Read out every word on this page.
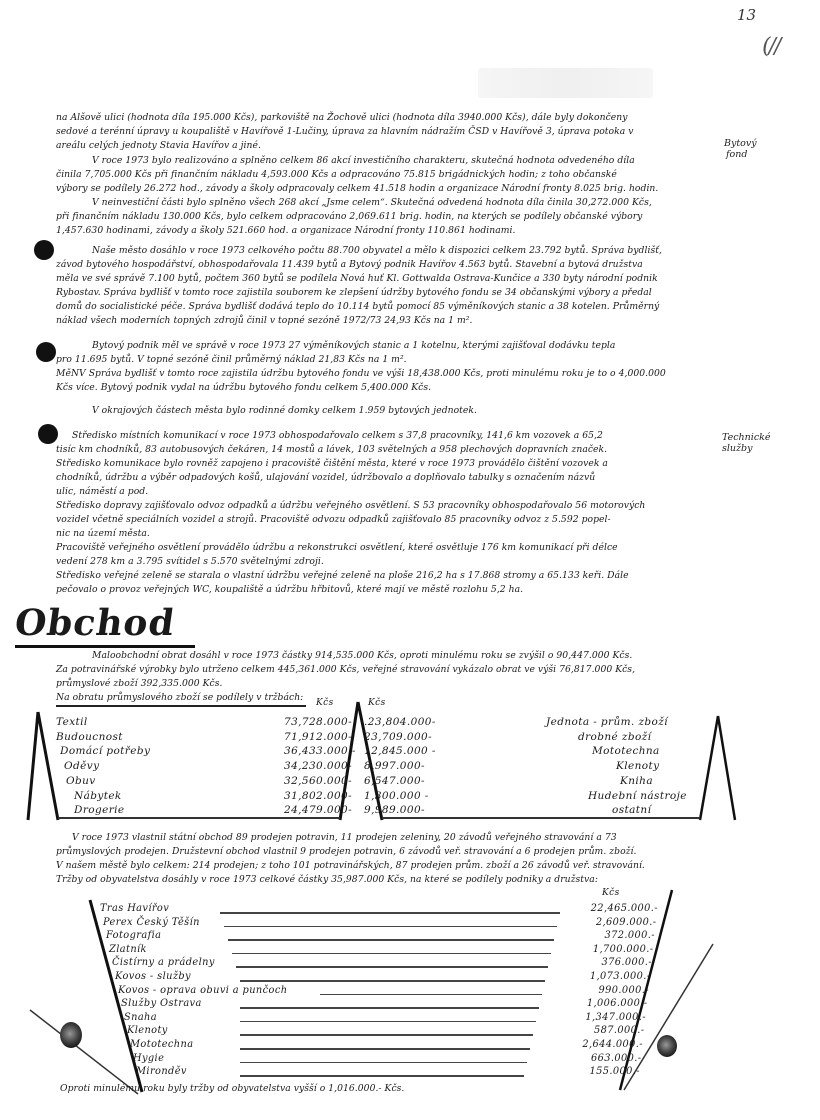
13
(//
Bytový
fond
Technické
služby
na Alšově ulici (hodnota díla 195.000 Kčs), parkoviště na Žochově ulici (hodnota díla 3940.000 Kčs), dále byly dokončeny
sedové a terénní úpravy u koupaliště v Havířově 1-Lučiny, úprava za hlavním nádražím ČSD v Havířově 3, úprava potoka v
areálu celých jednoty Stavia Havířov a jiné.
V roce 1973 bylo realizováno a splněno celkem 86 akcí investičního charakteru, skutečná hodnota odvedeného díla
činila 7,705.000 Kčs při finančním nákladu 4,593.000 Kčs a odpracováno 75.815 brigádnických hodin; z toho občanské
výbory se podílely 26.272 hod., závody a školy odpracovaly celkem 41.518 hodin a organizace Národní fronty 8.025 brig. hodin.
V neinvestiční části bylo splněno všech 268 akcí „Jsme celem“. Skutečná odvedená hodnota díla činila 30,272.000 Kčs,
při finančním nákladu 130.000 Kčs, bylo celkem odpracováno 2,069.611 brig. hodin, na kterých se podílely občanské výbory
1,457.630 hodinami, závody a školy 521.660 hod. a organizace Národní fronty 110.861 hodinami.
Naše město dosáhlo v roce 1973 celkového počtu 88.700 obyvatel a mělo k dispozici celkem 23.792 bytů. Správa bydlišť,
závod bytového hospodářství, obhospodařovala 11.439 bytů a Bytový podnik Havířov 4.563 bytů. Stavební a bytová družstva
měla ve své správě 7.100 bytů, počtem 360 bytů se podílela Nová huť Kl. Gottwalda Ostrava-Kunčice a 330 byty národní podnik
Rybostav. Správa bydlišť v tomto roce zajistila souborem ke zlepšení údržby bytového fondu se 34 občanskými výbory a předal
domů do socialistické péče. Správa bydlišť dodává teplo do 10.114 bytů pomocí 85 výměníkových stanic a 38 kotelen. Průměrný
náklad všech moderních topných zdrojů činil v topné sezóně 1972/73 24,93 Kčs na 1 m².
Bytový podnik měl ve správě v roce 1973 27 výměníkových stanic a 1 kotelnu, kterými zajišťoval dodávku tepla
pro 11.695 bytů. V topné sezóně činil průměrný náklad 21,83 Kčs na 1 m².
MěNV Správa bydlišť v tomto roce zajistila údržbu bytového fondu ve výši 18,438.000 Kčs, proti minulému roku je to o 4,000.000
Kčs více. Bytový podnik vydal na údržbu bytového fondu celkem 5,400.000 Kčs.
V okrajových částech města bylo rodinné domky celkem 1.959 bytových jednotek.
Středisko místních komunikací v roce 1973 obhospodařovalo celkem s 37,8 pracovníky, 141,6 km vozovek a 65,2
tisíc km chodníků, 83 autobusových čekáren, 14 mostů a lávek, 103 světelných a 958 plechových dopravních značek.
Středisko komunikace bylo rovněž zapojeno i pracoviště čištění města, které v roce 1973 provádělo čištění vozovek a
chodníků, údržbu a výběr odpadových košů, ulajování vozidel, údržbovalo a doplňovalo tabulky s označením názvů
ulic, náměstí a pod.
Středisko dopravy zajišťovalo odvoz odpadků a údržbu veřejného osvětlení. S 53 pracovníky obhospodařovalo 56 motorových
vozidel včetně speciálních vozidel a strojů. Pracoviště odvozu odpadků zajišťovalo 85 pracovníky odvoz z 5.592 popel-
nic na území města.
Pracoviště veřejného osvětlení provádělo údržbu a rekonstrukci osvětlení, které osvětluje 176 km komunikací při délce
vedení 278 km a 3.795 svítidel s 5.570 světelnými zdroji.
Středisko veřejné zeleně se starala o vlastní údržbu veřejné zeleně na ploše 216,2 ha s 17.868 stromy a 65.133 keři. Dále
pečovalo o provoz veřejných WC, koupaliště a údržbu hřbitovů, které mají ve městě rozlohu 5,2 ha.
Obchod
Maloobchodní obrat dosáhl v roce 1973 částky 914,535.000 Kčs, oproti minulému roku se zvýšil o 90,447.000 Kčs.
Za potravinářské výrobky bylo utrženo celkem 445,361.000 Kčs, veřejné stravování vykázalo obrat ve výši 76,817.000 Kčs,
průmyslové zboží 392,335.000 Kčs.
Na obratu průmyslového zboží se podílely v tržbách: Kčs	Kčs
Textil	73,728.000- .23,804.000-	Jednota - prům. zboží
Budoucnost	71,912.000- 23,709.000-	drobné zboží
Domácí potřeby	36,433.000 - 12,845.000 -	Mototechna
Oděvy	34,230.000- 8,997.000-	Klenoty
Obuv	32,560.000- 6,547.000-	Kniha
Nábytek	31,802.000- 1,300.000 -	Hudební nástroje
Drogerie	24,479.000- 9,989.000-	ostatní
V roce 1973 vlastnil státní obchod 89 prodejen potravin, 11 prodejen zeleniny, 20 závodů veřejného stravování a 73
průmyslových prodejen. Družstevní obchod vlastnil 9 prodejen potravin, 6 závodů veř. stravování a 6 prodejen prům. zboží.
V našem městě bylo celkem: 214 prodejen; z toho 101 potravinářských, 87 prodejen prům. zboží a 26 závodů veř. stravování.
Tržby od obyvatelstva dosáhly v roce 1973 celkové částky 35,987.000 Kčs, na které se podílely podniky a družstva:
Kčs
Tras Havířov	22,465.000.-
Perex Český Těšín	2,609.000.-
Fotografia	372.000.-
Zlatník	1,700.000.-
Čistírny a prádelny	376.000.-
Kovos - služby	1,073.000.-
Kovos - oprava obuvi a punčoch	990.000.-
Služby Ostrava	1,006.000.-
Snaha	1,347.000.-
Klenoty	587.000.-
Mototechna	2,644.000.-
Hygie	663.000.-
Mironděv	155.000.-
Oproti minulému roku byly tržby od obyvatelstva vyšší o 1,016.000.- Kčs.
